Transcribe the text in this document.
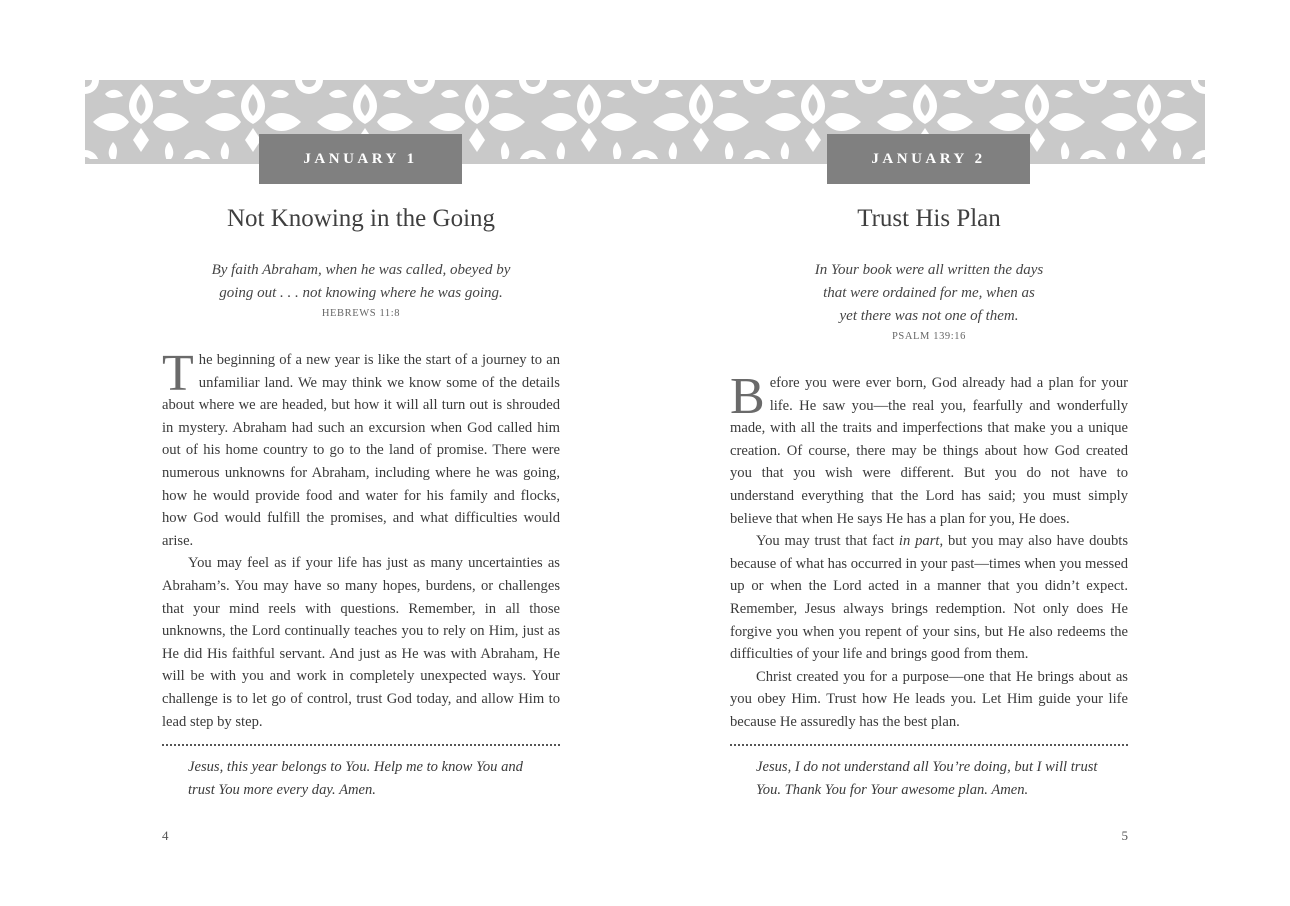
JANUARY 1
Not Knowing in the Going
By faith Abraham, when he was called, obeyed by
going out . . . not knowing where he was going.
HEBREWS 11:8

The beginning of a new year is like the start of a journey to an unfamiliar land. We may think we know some of the details about where we are headed, but how it will all turn out is shrouded in mystery. Abraham had such an excursion when God called him out of his home country to go to the land of promise. There were numerous unknowns for Abraham, including where he was going, how he would provide food and water for his family and flocks, how God would fulfill the promises, and what difficulties would arise.

You may feel as if your life has just as many uncertainties as Abraham’s. You may have so many hopes, burdens, or challenges that your mind reels with questions. Remember, in all those unknowns, the Lord continually teaches you to rely on Him, just as He did His faithful servant. And just as He was with Abraham, He will be with you and work in completely unexpected ways. Your challenge is to let go of control, trust God today, and allow Him to lead step by step.

Jesus, this year belongs to You. Help me to know You and
trust You more every day. Amen.
4
JANUARY 2
Trust His Plan
In Your book were all written the days
that were ordained for me, when as
yet there was not one of them.
PSALM 139:16

Before you were ever born, God already had a plan for your life. He saw you—the real you, fearfully and wonderfully made, with all the traits and imperfections that make you a unique creation. Of course, there may be things about how God created you that you wish were different. But you do not have to understand everything that the Lord has said; you must simply believe that when He says He has a plan for you, He does.

You may trust that fact in part, but you may also have doubts because of what has occurred in your past—times when you messed up or when the Lord acted in a manner that you didn’t expect. Remember, Jesus always brings redemption. Not only does He forgive you when you repent of your sins, but He also redeems the difficulties of your life and brings good from them.

Christ created you for a purpose—one that He brings about as you obey Him. Trust how He leads you. Let Him guide your life because He assuredly has the best plan.

Jesus, I do not understand all You’re doing, but I will trust
You. Thank You for Your awesome plan. Amen.
5
